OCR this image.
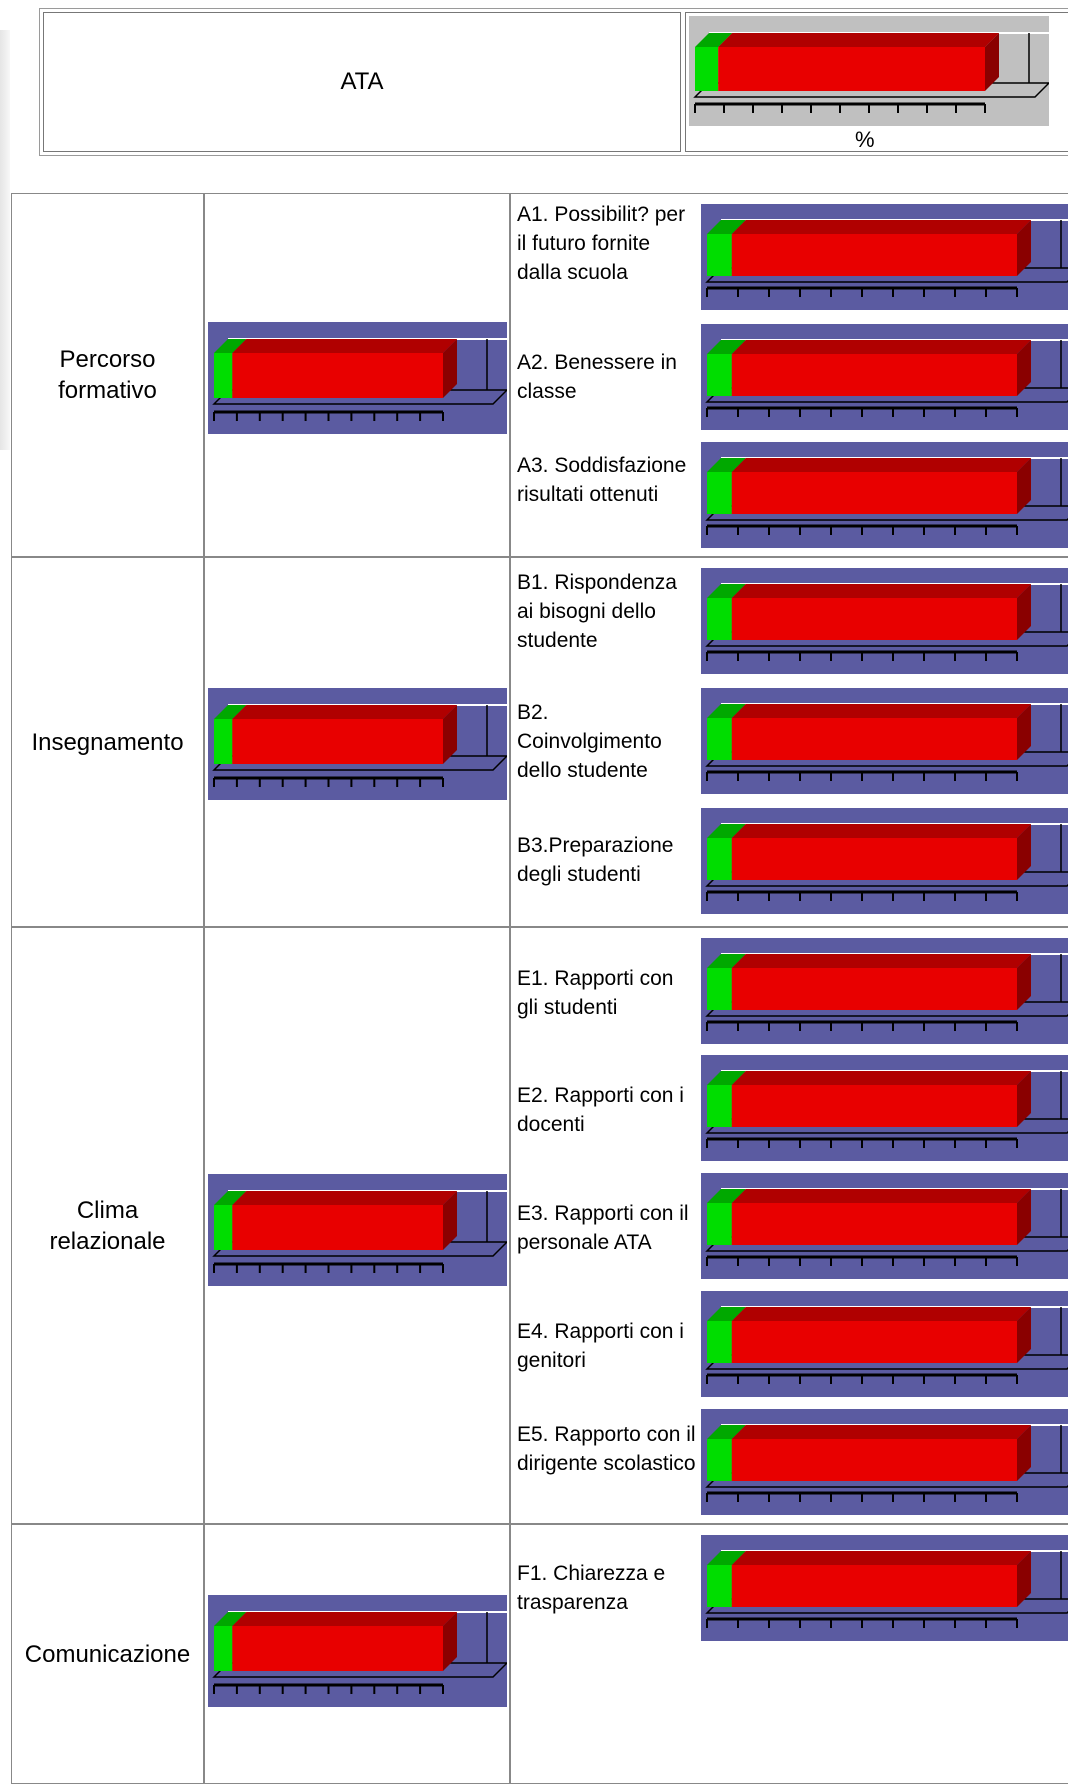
ATA
%
Percorso formativo
A1. Possibilit? per il futuro fornite dalla scuola
A2. Benessere in classe
A3. Soddisfazione risultati ottenuti
Insegnamento
B1. Rispondenza ai bisogni dello studente
B2. Coinvolgimento dello studente
B3.Preparazione degli studenti
Clima relazionale
E1. Rapporti con gli studenti
E2. Rapporti con i docenti
E3. Rapporti con il personale ATA
E4. Rapporti con i genitori
E5. Rapporto con il dirigente scolastico
Comunicazione
F1. Chiarezza e trasparenza
